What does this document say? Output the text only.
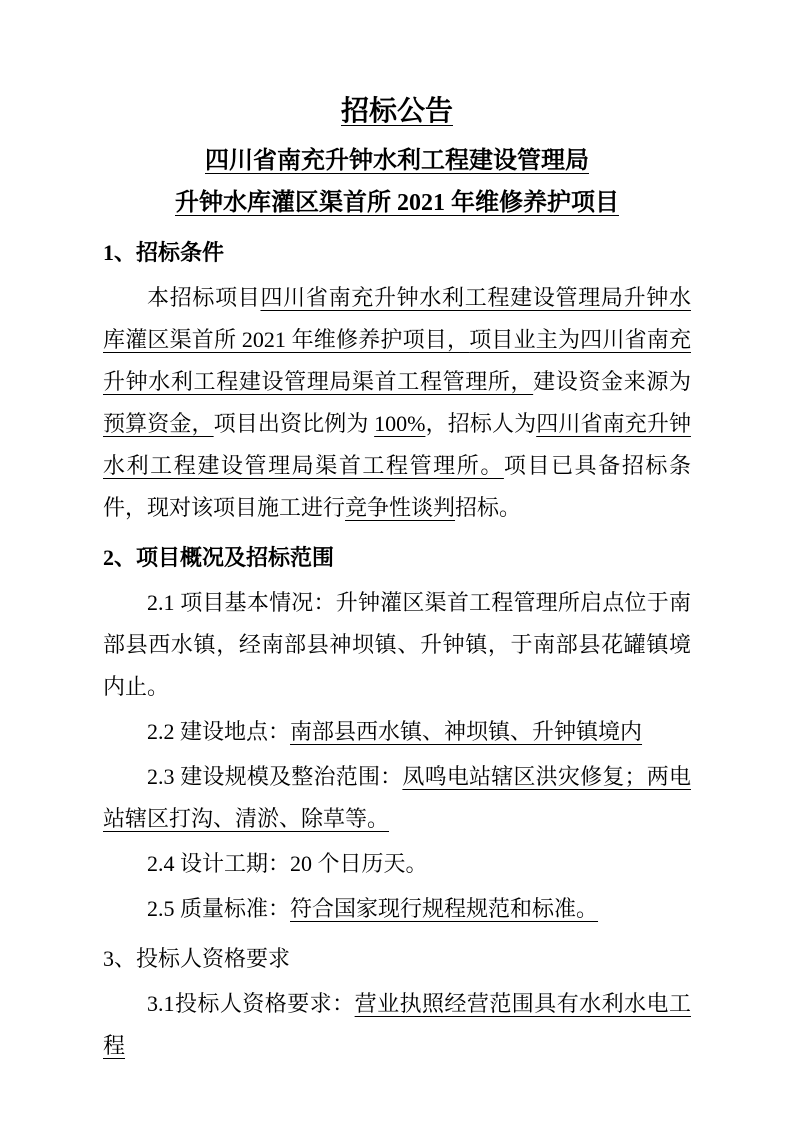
招标公告
四川省南充升钟水利工程建设管理局
升钟水库灌区渠首所 2021 年维修养护项目
1、招标条件

本招标项目四川省南充升钟水利工程建设管理局升钟水库灌区渠首所 2021 年维修养护项目，项目业主为四川省南充升钟水利工程建设管理局渠首工程管理所，建设资金来源为预算资金，项目出资比例为 100%，招标人为四川省南充升钟水利工程建设管理局渠首工程管理所。项目已具备招标条件，现对该项目施工进行竞争性谈判招标。

2、项目概况及招标范围

2.1 项目基本情况：升钟灌区渠首工程管理所启点位于南部县西水镇，经南部县神坝镇、升钟镇，于南部县花罐镇境内止。

2.2 建设地点：南部县西水镇、神坝镇、升钟镇境内

2.3 建设规模及整治范围：凤鸣电站辖区洪灾修复；两电站辖区打沟、清淤、除草等。

2.4 设计工期：20 个日历天。

2.5 质量标准：符合国家现行规程规范和标准。

3、投标人资格要求

3.1投标人资格要求：营业执照经营范围具有水利水电工程
